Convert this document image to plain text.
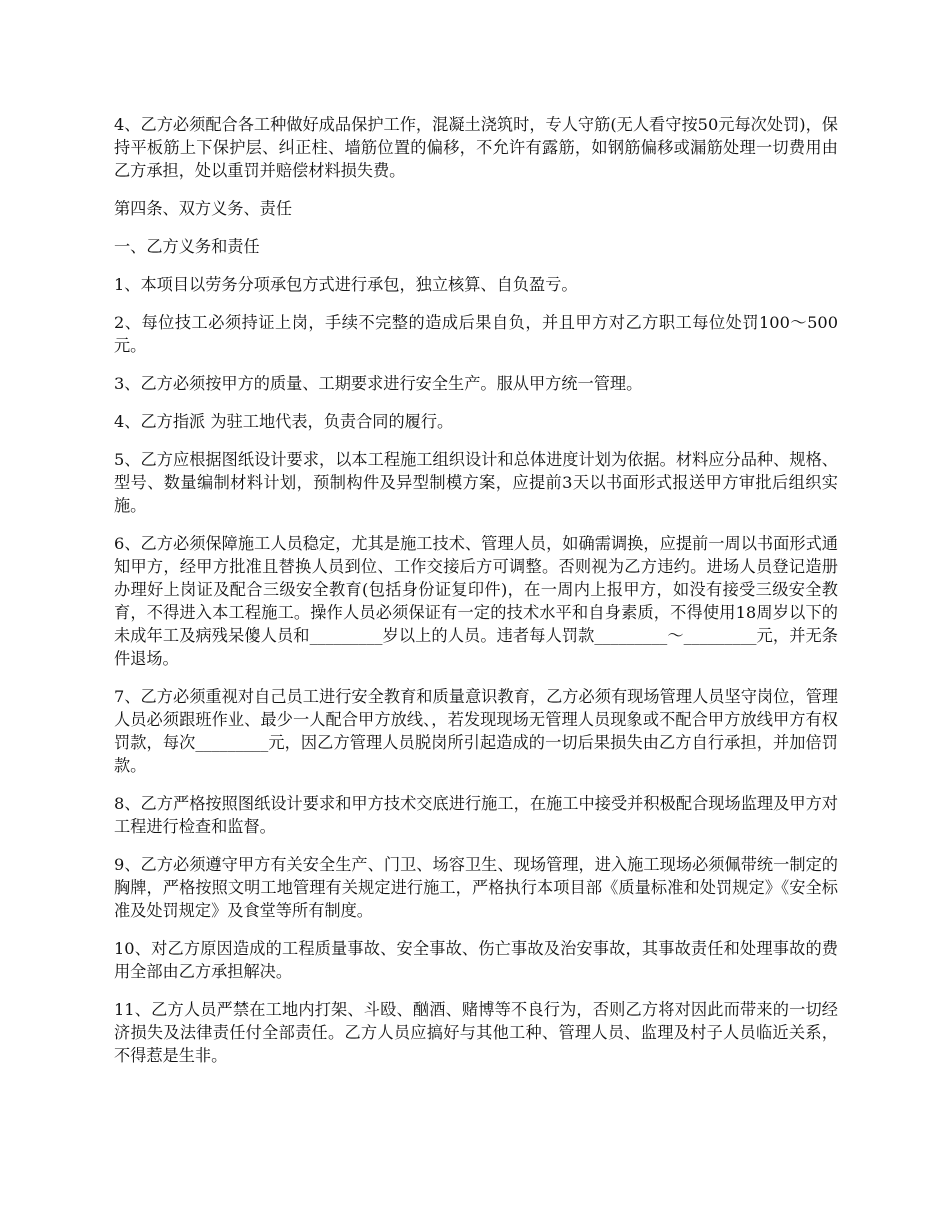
4、乙方必须配合各工种做好成品保护工作，混凝土浇筑时，专人守筋(无人看守按50元每次处罚)，保持平板筋上下保护层、纠正柱、墙筋位置的偏移，不允许有露筋，如钢筋偏移或漏筋处理一切费用由乙方承担，处以重罚并赔偿材料损失费。

第四条、双方义务、责任

一、乙方义务和责任

1、本项目以劳务分项承包方式进行承包，独立核算、自负盈亏。

2、每位技工必须持证上岗，手续不完整的造成后果自负，并且甲方对乙方职工每位处罚100～500元。

3、乙方必须按甲方的质量、工期要求进行安全生产。服从甲方统一管理。

4、乙方指派 为驻工地代表，负责合同的履行。

5、乙方应根据图纸设计要求，以本工程施工组织设计和总体进度计划为依据。材料应分品种、规格、型号、数量编制材料计划，预制构件及异型制模方案，应提前3天以书面形式报送甲方审批后组织实施。

6、乙方必须保障施工人员稳定，尤其是施工技术、管理人员，如确需调换，应提前一周以书面形式通知甲方，经甲方批准且替换人员到位、工作交接后方可调整。否则视为乙方违约。进场人员登记造册办理好上岗证及配合三级安全教育(包括身份证复印件)，在一周内上报甲方，如没有接受三级安全教育，不得进入本工程施工。操作人员必须保证有一定的技术水平和自身素质，不得使用18周岁以下的未成年工及病残呆傻人员和_________岁以上的人员。违者每人罚款_________～_________元，并无条件退场。

7、乙方必须重视对自己员工进行安全教育和质量意识教育，乙方必须有现场管理人员坚守岗位，管理人员必须跟班作业、最少一人配合甲方放线、，若发现现场无管理人员现象或不配合甲方放线甲方有权罚款，每次_________元，因乙方管理人员脱岗所引起造成的一切后果损失由乙方自行承担，并加倍罚款。

8、乙方严格按照图纸设计要求和甲方技术交底进行施工，在施工中接受并积极配合现场监理及甲方对工程进行检查和监督。

9、乙方必须遵守甲方有关安全生产、门卫、场容卫生、现场管理，进入施工现场必须佩带统一制定的胸牌，严格按照文明工地管理有关规定进行施工，严格执行本项目部《质量标准和处罚规定》《安全标准及处罚规定》及食堂等所有制度。

10、对乙方原因造成的工程质量事故、安全事故、伤亡事故及治安事故，其事故责任和处理事故的费用全部由乙方承担解决。

11、乙方人员严禁在工地内打架、斗殴、酗酒、赌博等不良行为，否则乙方将对因此而带来的一切经济损失及法律责任付全部责任。乙方人员应搞好与其他工种、管理人员、监理及村子人员临近关系，不得惹是生非。
